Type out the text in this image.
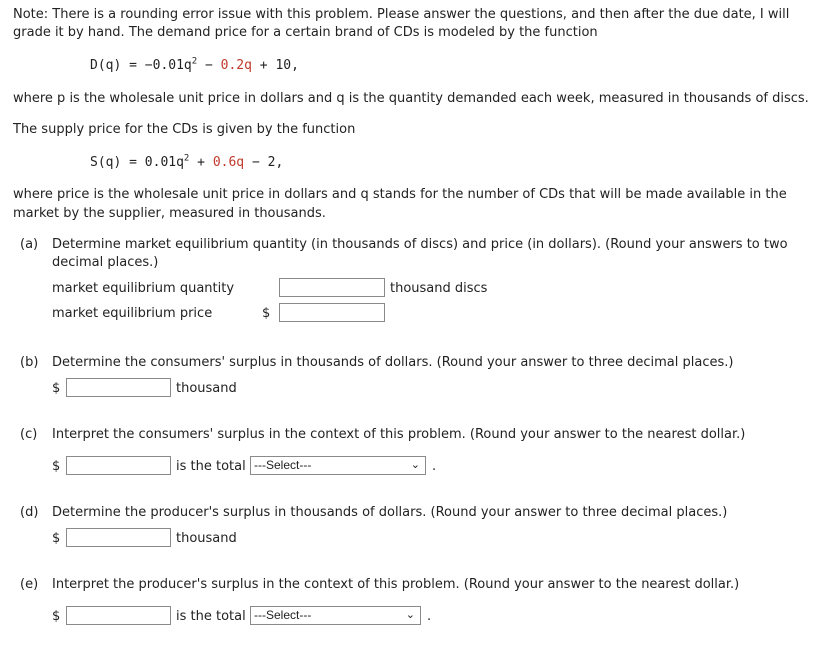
Note: There is a rounding error issue with this problem. Please answer the questions, and then after the due date, I will
grade it by hand. The demand price for a certain brand of CDs is modeled by the function
$D(q) = -0.01q^2 - 0.2q + 10$,
where p is the wholesale unit price in dollars and q is the quantity demanded each week, measured in thousands of discs.
The supply price for the CDs is given by the function
$S(q) = 0.01q^2 + 0.6q - 2$,
where price is the wholesale unit price in dollars and q stands for the number of CDs that will be made available in the
market by the supplier, measured in thousands.
(a)	Determine market equilibrium quantity (in thousands of discs) and price (in dollars). (Round your answers to two
decimal places.)
market equilibrium quantity	thousand discs
market equilibrium price	$
(b)	Determine the consumers' surplus in thousands of dollars. (Round your answer to three decimal places.)
$	thousand
(c)	Interpret the consumers' surplus in the context of this problem. (Round your answer to the nearest dollar.)
$	is the total ---Select---	⌄ .
(d)	Determine the producer's surplus in thousands of dollars. (Round your answer to three decimal places.)
$	thousand
(e)	Interpret the producer's surplus in the context of this problem. (Round your answer to the nearest dollar.)
$	is the total ---Select---	⌄ .
